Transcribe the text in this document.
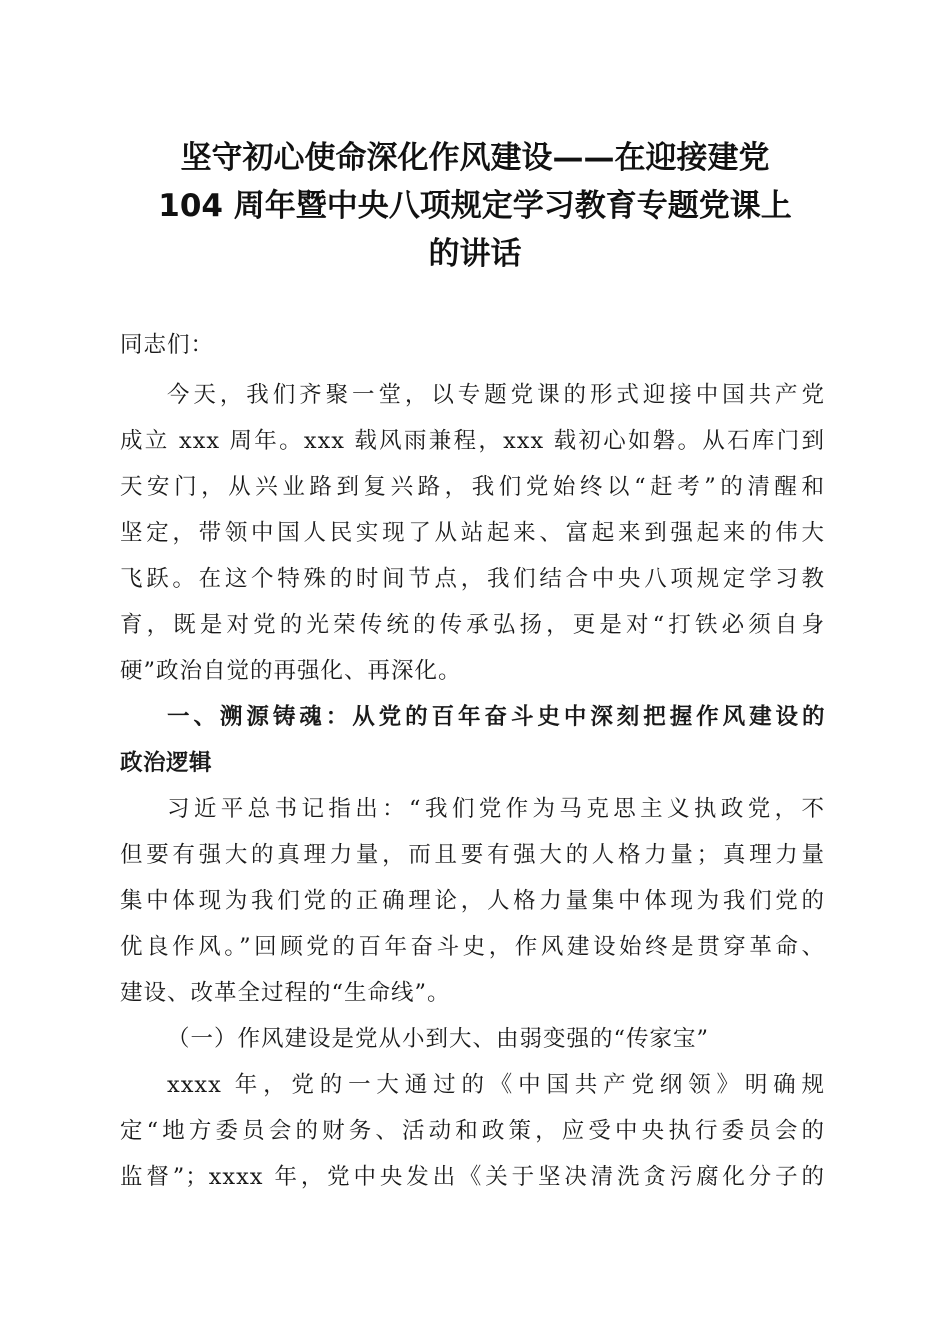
坚守初心使命深化作风建设——在迎接建党
104 周年暨中央八项规定学习教育专题党课上
的讲话
同志们：
今天，我们齐聚一堂，以专题党课的形式迎接中国共产党
成立 xxx 周年。xxx 载风雨兼程，xxx 载初心如磐。从石库门到
天安门，从兴业路到复兴路，我们党始终以“赶考”的清醒和
坚定，带领中国人民实现了从站起来、富起来到强起来的伟大
飞跃。在这个特殊的时间节点，我们结合中央八项规定学习教
育，既是对党的光荣传统的传承弘扬，更是对“打铁必须自身
硬”政治自觉的再强化、再深化。
一、溯源铸魂：从党的百年奋斗史中深刻把握作风建设的
政治逻辑
习近平总书记指出：“我们党作为马克思主义执政党，不
但要有强大的真理力量，而且要有强大的人格力量；真理力量
集中体现为我们党的正确理论，人格力量集中体现为我们党的
优良作风。”回顾党的百年奋斗史，作风建设始终是贯穿革命、
建设、改革全过程的“生命线”。
（一）作风建设是党从小到大、由弱变强的“传家宝”
xxxx 年，党的一大通过的《中国共产党纲领》明确规
定“地方委员会的财务、活动和政策，应受中央执行委员会的
监督”；xxxx 年，党中央发出《关于坚决清洗贪污腐化分子的
